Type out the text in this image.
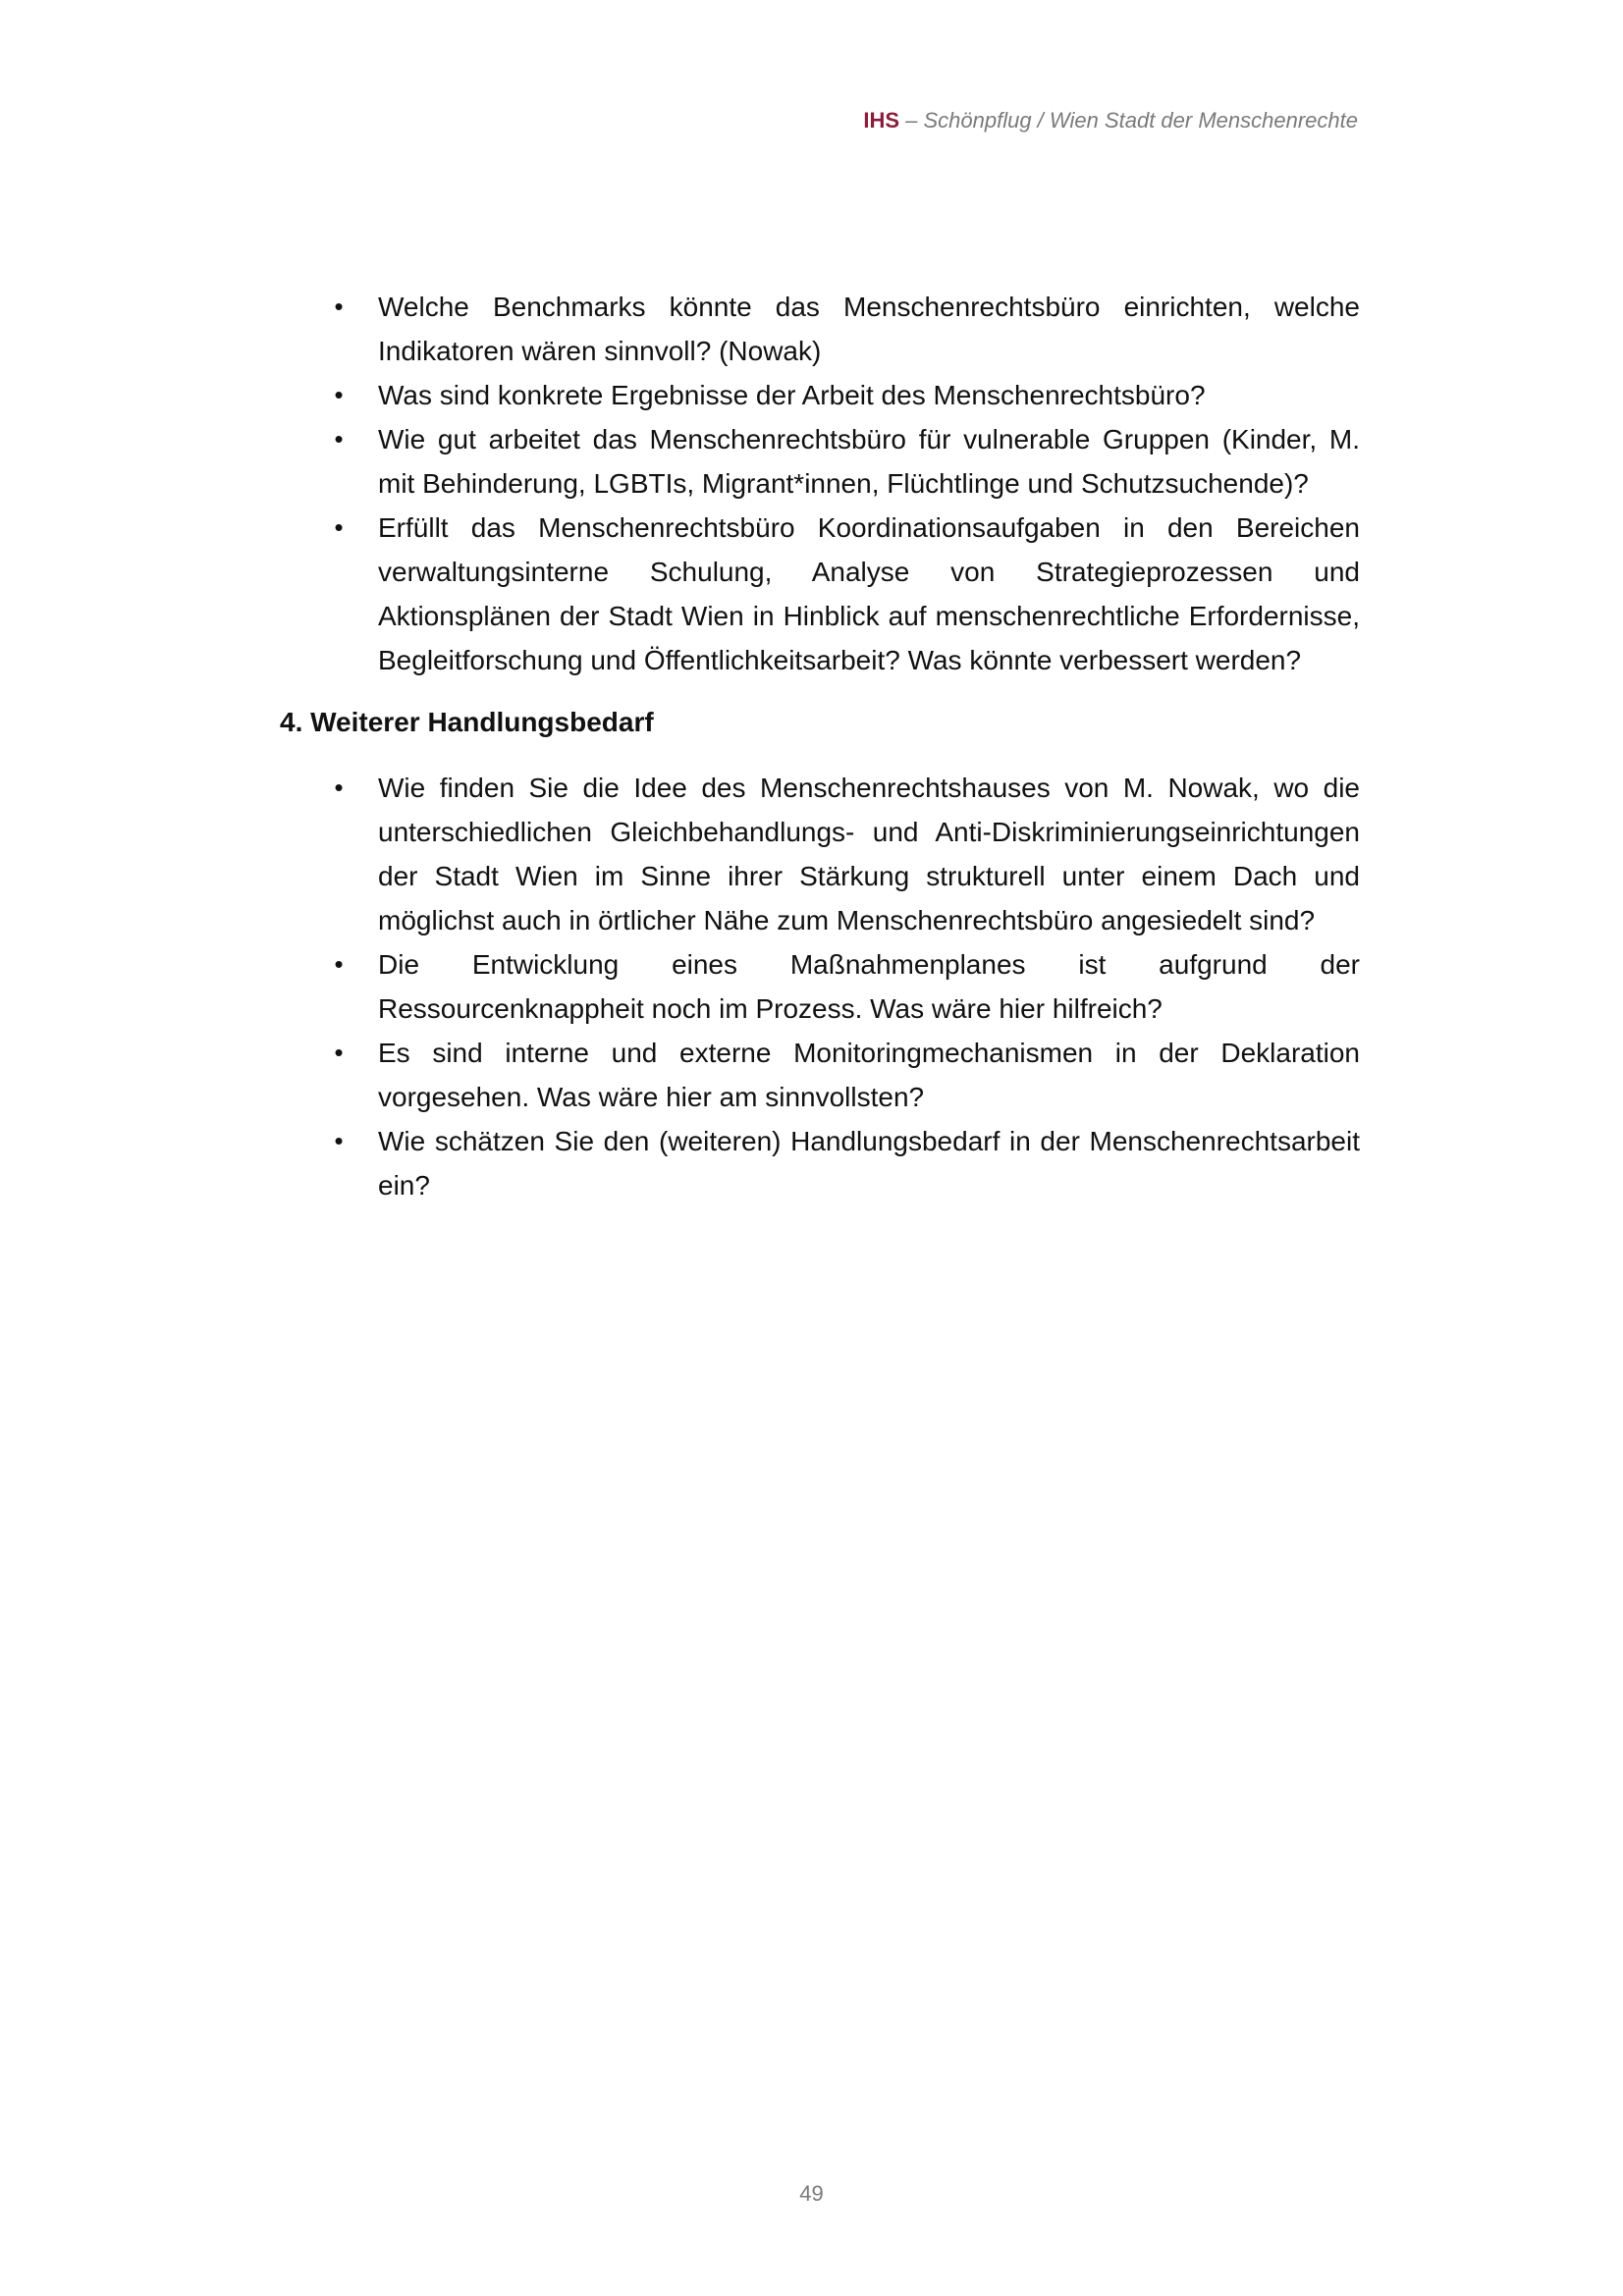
IHS – Schönpflug / Wien Stadt der Menschenrechte
• Welche Benchmarks könnte das Menschenrechtsbüro einrichten, welche Indikatoren wären sinnvoll? (Nowak)
• Was sind konkrete Ergebnisse der Arbeit des Menschenrechtsbüro?
• Wie gut arbeitet das Menschenrechtsbüro für vulnerable Gruppen (Kinder, M. mit Behinderung, LGBTIs, Migrant*innen, Flüchtlinge und Schutzsuchende)?
• Erfüllt das Menschenrechtsbüro Koordinationsaufgaben in den Bereichen verwaltungsinterne Schulung, Analyse von Strategieprozessen und Aktionsplänen der Stadt Wien in Hinblick auf menschenrechtliche Erfordernisse, Begleitforschung und Öffentlichkeitsarbeit? Was könnte verbessert werden?
4. Weiterer Handlungsbedarf
• Wie finden Sie die Idee des Menschenrechtshauses von M. Nowak, wo die unterschiedlichen Gleichbehandlungs- und Anti-Diskriminierungseinrichtungen der Stadt Wien im Sinne ihrer Stärkung strukturell unter einem Dach und möglichst auch in örtlicher Nähe zum Menschenrechtsbüro angesiedelt sind?
• Die Entwicklung eines Maßnahmenplanes ist aufgrund der Ressourcenknappheit noch im Prozess. Was wäre hier hilfreich?
• Es sind interne und externe Monitoringmechanismen in der Deklaration vorgesehen. Was wäre hier am sinnvollsten?
• Wie schätzen Sie den (weiteren) Handlungsbedarf in der Menschenrechtsarbeit ein?
49
